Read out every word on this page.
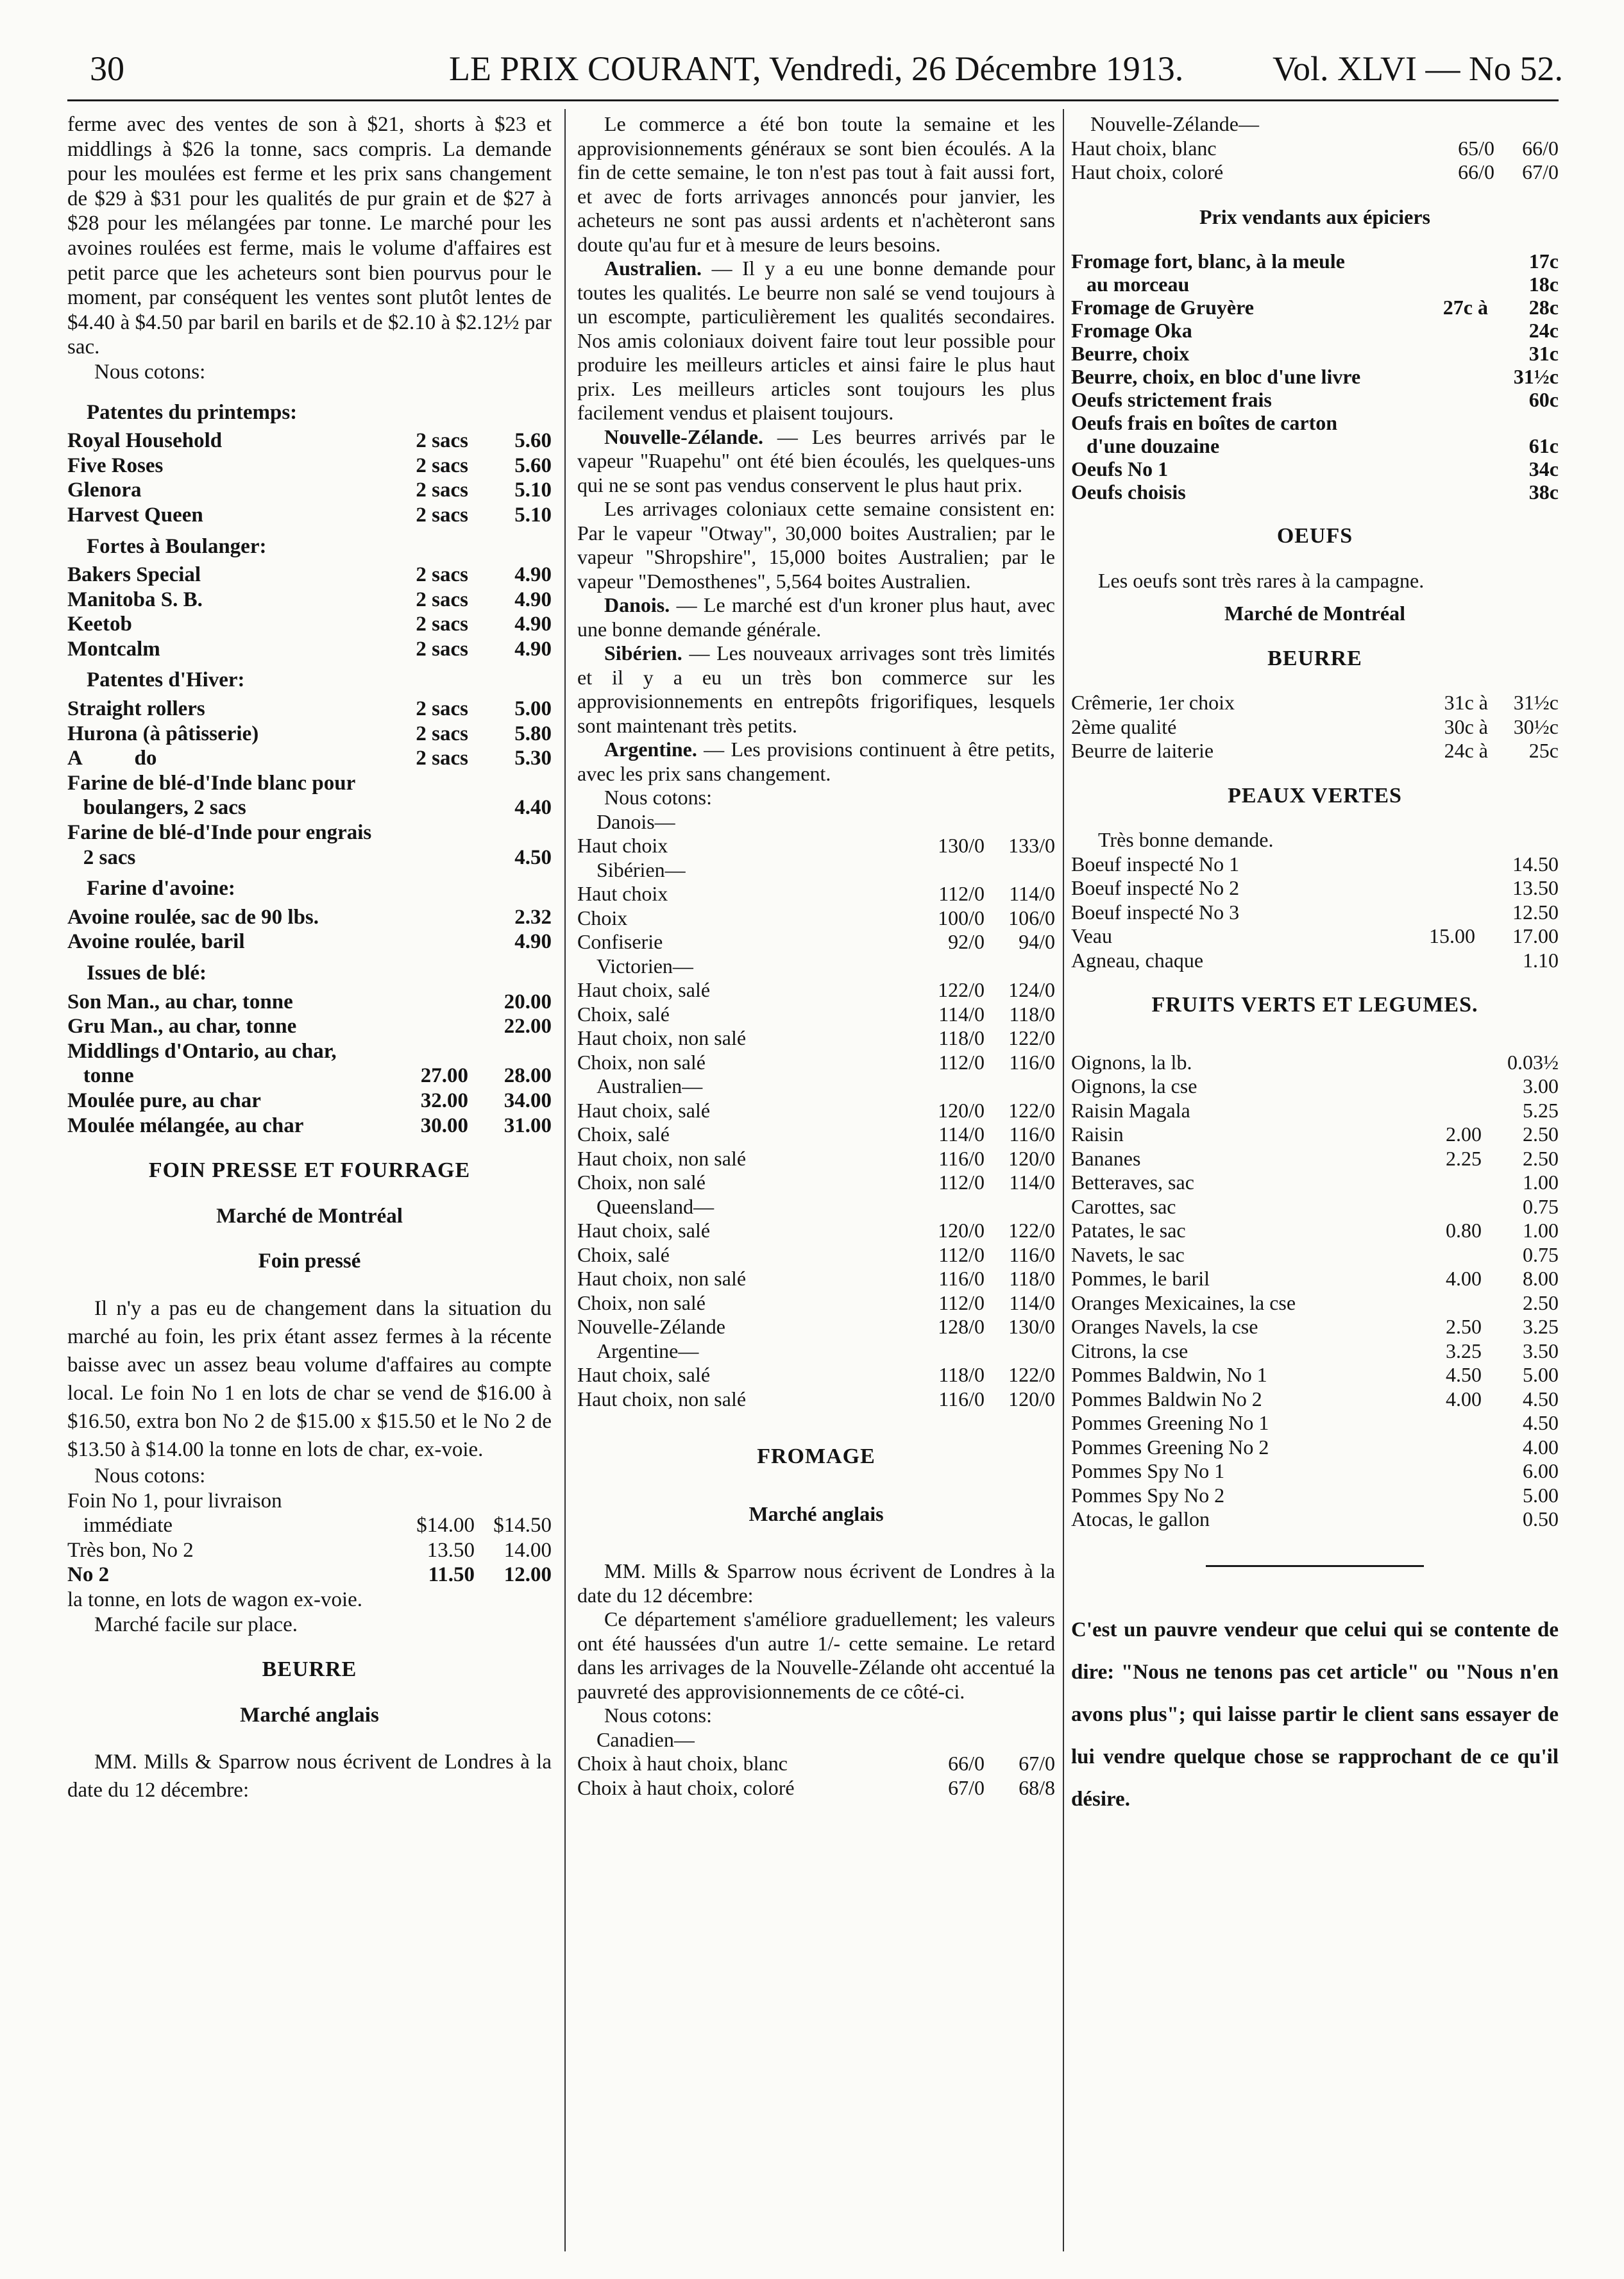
30	LE PRIX COURANT, Vendredi, 26 Décembre 1913.	Vol. XLVI — No 52.

ferme avec des ventes de son à $21, shorts à $23 et middlings à $26 la tonne, sacs compris. La demande pour les moulées est ferme et les prix sans changement de $29 à $31 pour les qualités de pur grain et de $27 à $28 pour les mélangées par tonne. Le marché pour les avoines roulées est ferme, mais le volume d'affaires est petit parce que les acheteurs sont bien pourvus pour le moment, par conséquent les ventes sont plutôt lentes de $4.40 à $4.50 par baril en barils et de $2.10 à $2.12½ par sac.

Nous cotons:

Patentes du printemps:
Royal Household	2 sacs	5.60
Five Roses	2 sacs	5.60
Glenora	2 sacs	5.10
Harvest Queen	2 sacs	5.10
Fortes à Boulanger:
Bakers Special	2 sacs	4.90
Manitoba S. B.	2 sacs	4.90
Keetob	2 sacs	4.90
Montcalm	2 sacs	4.90
Patentes d'Hiver:
Straight rollers	2 sacs	5.00
Hurona (à pâtisserie)	2 sacs	5.80
A          do	2 sacs	5.30
Farine de blé-d'Inde blanc pour
boulangers, 2 sacs	4.40
Farine de blé-d'Inde pour engrais
2 sacs	4.50
Farine d'avoine:
Avoine roulée, sac de 90 lbs.	2.32
Avoine roulée, baril	4.90
Issues de blé:
Son Man., au char, tonne	20.00
Gru Man., au char, tonne	22.00
Middlings d'Ontario, au char,
tonne	27.00	28.00
Moulée pure, au char	32.00	34.00
Moulée mélangée, au char	30.00	31.00
FOIN PRESSE ET FOURRAGE
Marché de Montréal
Foin pressé

Il n'y a pas eu de changement dans la situation du marché au foin, les prix étant assez fermes à la récente baisse avec un assez beau volume d'affaires au compte local. Le foin No 1 en lots de char se vend de $16.00 à $16.50, extra bon No 2 de $15.00 x $15.50 et le No 2 de $13.50 à $14.00 la tonne en lots de char, ex-voie.

Nous cotons:

Foin No 1, pour livraison
immédiate	$14.00 $14.50
Très bon, No 2	13.50	14.00
No 2	11.50	12.00

la tonne, en lots de wagon ex-voie.

Marché facile sur place.

BEURRE
Marché anglais

MM. Mills & Sparrow nous écrivent de Londres à la date du 12 décembre:

Le commerce a été bon toute la semaine et les approvisionnements généraux se sont bien écoulés. A la fin de cette semaine, le ton n'est pas tout à fait aussi fort, et avec de forts arrivages annoncés pour janvier, les acheteurs ne sont pas aussi ardents et n'achèteront sans doute qu'au fur et à mesure de leurs besoins.

Australien. — Il y a eu une bonne demande pour toutes les qualités. Le beurre non salé se vend toujours à un escompte, particulièrement les qualités secondaires. Nos amis coloniaux doivent faire tout leur possible pour produire les meilleurs articles et ainsi faire le plus haut prix. Les meilleurs articles sont toujours les plus facilement vendus et plaisent toujours.

Nouvelle-Zélande. — Les beurres arrivés par le vapeur "Ruapehu" ont été bien écoulés, les quelques-uns qui ne se sont pas vendus conservent le plus haut prix.

Les arrivages coloniaux cette semaine consistent en: Par le vapeur "Otway", 30,000 boites Australien; par le vapeur "Shropshire", 15,000 boites Australien; par le vapeur "Demosthenes", 5,564 boites Australien.

Danois. — Le marché est d'un kroner plus haut, avec une bonne demande générale.

Sibérien. — Les nouveaux arrivages sont très limités et il y a eu un très bon commerce sur les approvisionnements en entrepôts frigorifiques, lesquels sont maintenant très petits.

Argentine. — Les provisions continuent à être petits, avec les prix sans changement.

Nous cotons:

Danois—
Haut choix	130/0	133/0
Sibérien—
Haut choix	112/0	114/0
Choix	100/0	106/0
Confiserie	92/0	94/0
Victorien—
Haut choix, salé	122/0	124/0
Choix, salé	114/0	118/0
Haut choix, non salé	118/0	122/0
Choix, non salé	112/0	116/0
Australien—
Haut choix, salé	120/0	122/0
Choix, salé	114/0	116/0
Haut choix, non salé	116/0	120/0
Choix, non salé	112/0	114/0
Queensland—
Haut choix, salé	120/0	122/0
Choix, salé	112/0	116/0
Haut choix, non salé	116/0	118/0
Choix, non salé	112/0	114/0
Nouvelle-Zélande	128/0	130/0
Argentine—
Haut choix, salé	118/0	122/0
Haut choix, non salé	116/0	120/0
FROMAGE
Marché anglais

MM. Mills & Sparrow nous écrivent de Londres à la date du 12 décembre:

Ce département s'améliore graduellement; les valeurs ont été haussées d'un autre 1/- cette semaine. Le retard dans les arrivages de la Nouvelle-Zélande oht accentué la pauvreté des approvisionnements de ce côté-ci.

Nous cotons:

Canadien—
Choix à haut choix, blanc	66/0	67/0
Choix à haut choix, coloré	67/0	68/8
Nouvelle-Zélande—
Haut choix, blanc	65/0	66/0
Haut choix, coloré	66/0	67/0
Prix vendants aux épiciers
Fromage fort, blanc, à la meule	17c
au morceau	18c
Fromage de Gruyère	27c à	28c
Fromage Oka	24c
Beurre, choix	31c
Beurre, choix, en bloc d'une livre	31½c
Oeufs strictement frais	60c
Oeufs frais en boîtes de carton
d'une douzaine	61c
Oeufs No 1	34c
Oeufs choisis	38c
OEUFS

Les oeufs sont très rares à la campagne.

Marché de Montréal
BEURRE
Crêmerie, 1er choix	31c à	31½c
2ème qualité	30c à	30½c
Beurre de laiterie	24c à	25c
PEAUX VERTES

Très bonne demande.

Boeuf inspecté No 1	14.50
Boeuf inspecté No 2	13.50
Boeuf inspecté No 3	12.50
Veau	15.00	17.00
Agneau, chaque	1.10
FRUITS VERTS ET LEGUMES.
Oignons, la lb.	0.03½
Oignons, la cse	3.00
Raisin Magala	5.25
Raisin	2.00	2.50
Bananes	2.25	2.50
Betteraves, sac	1.00
Carottes, sac	0.75
Patates, le sac	0.80	1.00
Navets, le sac	0.75
Pommes, le baril	4.00	8.00
Oranges Mexicaines, la cse	2.50
Oranges Navels, la cse	2.50	3.25
Citrons, la cse	3.25	3.50
Pommes Baldwin, No 1	4.50	5.00
Pommes Baldwin No 2	4.00	4.50
Pommes Greening No 1	4.50
Pommes Greening No 2	4.00
Pommes Spy No 1	6.00
Pommes Spy No 2	5.00
Atocas, le gallon	0.50

C'est un pauvre vendeur que celui qui se contente de dire: "Nous ne tenons pas cet article" ou "Nous n'en avons plus"; qui laisse partir le client sans essayer de lui vendre quelque chose se rapprochant de ce qu'il désire.
